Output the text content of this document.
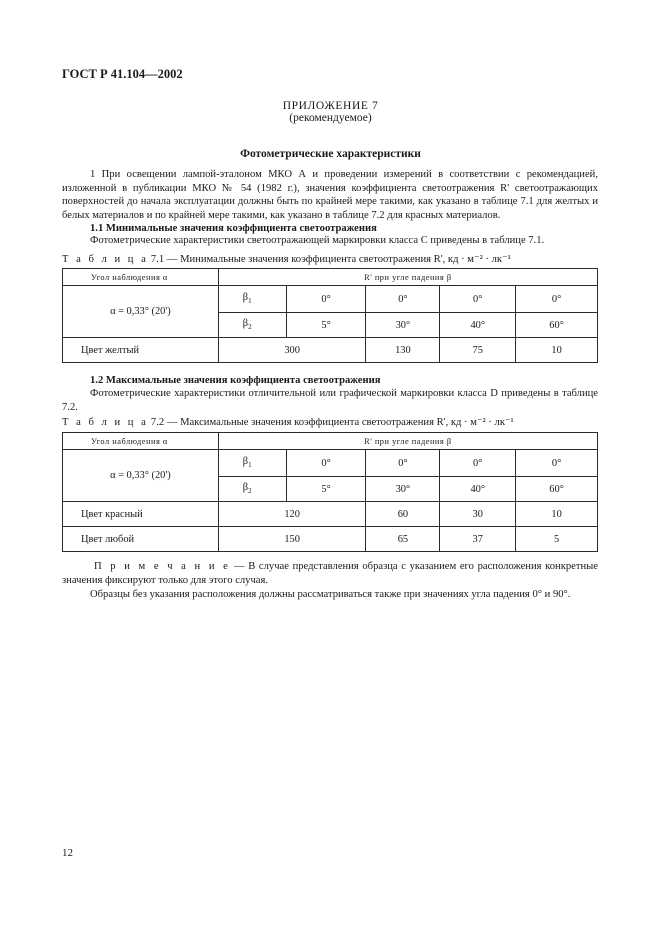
ГОСТ Р 41.104—2002
ПРИЛОЖЕНИЕ 7
(рекомендуемое)
Фотометрические характеристики
1 При освещении лампой-эталоном МКО А и проведении измерений в соответствии с рекомендацией, изложенной в публикации МКО № 54 (1982 г.), значения коэффициента светоотражения R' светоотражающих поверхностей до начала эксплуатации должны быть по крайней мере такими, как указано в таблице 7.1 для желтых и белых материалов и по крайней мере такими, как указано в таблице 7.2 для красных материалов.
1.1 Минимальные значения коэффициента светоотражения
Фотометрические характеристики светоотражающей маркировки класса С приведены в таблице 7.1.
Т а б л и ц а 7.1 — Минимальные значения коэффициента светоотражения R', кд · м⁻² · лк⁻¹
Угол наблюдения α	R' при угле падения β				
α = 0,33° (20')	$\beta_1$	0°	0°	0°	0°
	$\beta_2$	5°	30°	40°	60°
Цвет желтый	300		130	75	10
1.2 Максимальные значения коэффициента светоотражения
Фотометрические характеристики отличительной или графической маркировки класса D приведены в таблице 7.2.
Т а б л и ц а 7.2 — Максимальные значения коэффициента светоотражения R', кд · м⁻² · лк⁻¹
Угол наблюдения α	R' при угле падения β				
α = 0,33° (20')	$\beta_1$	0°	0°	0°	0°
	$\beta_2$	5°	30°	40°	60°
Цвет красный	120		60	30	10
Цвет любой	150		65	37	5
П р и м е ч а н и е — В случае представления образца с указанием его расположения конкретные значения фиксируют только для этого случая.
Образцы без указания расположения должны рассматриваться также при значениях угла падения 0° и 90°.
12
